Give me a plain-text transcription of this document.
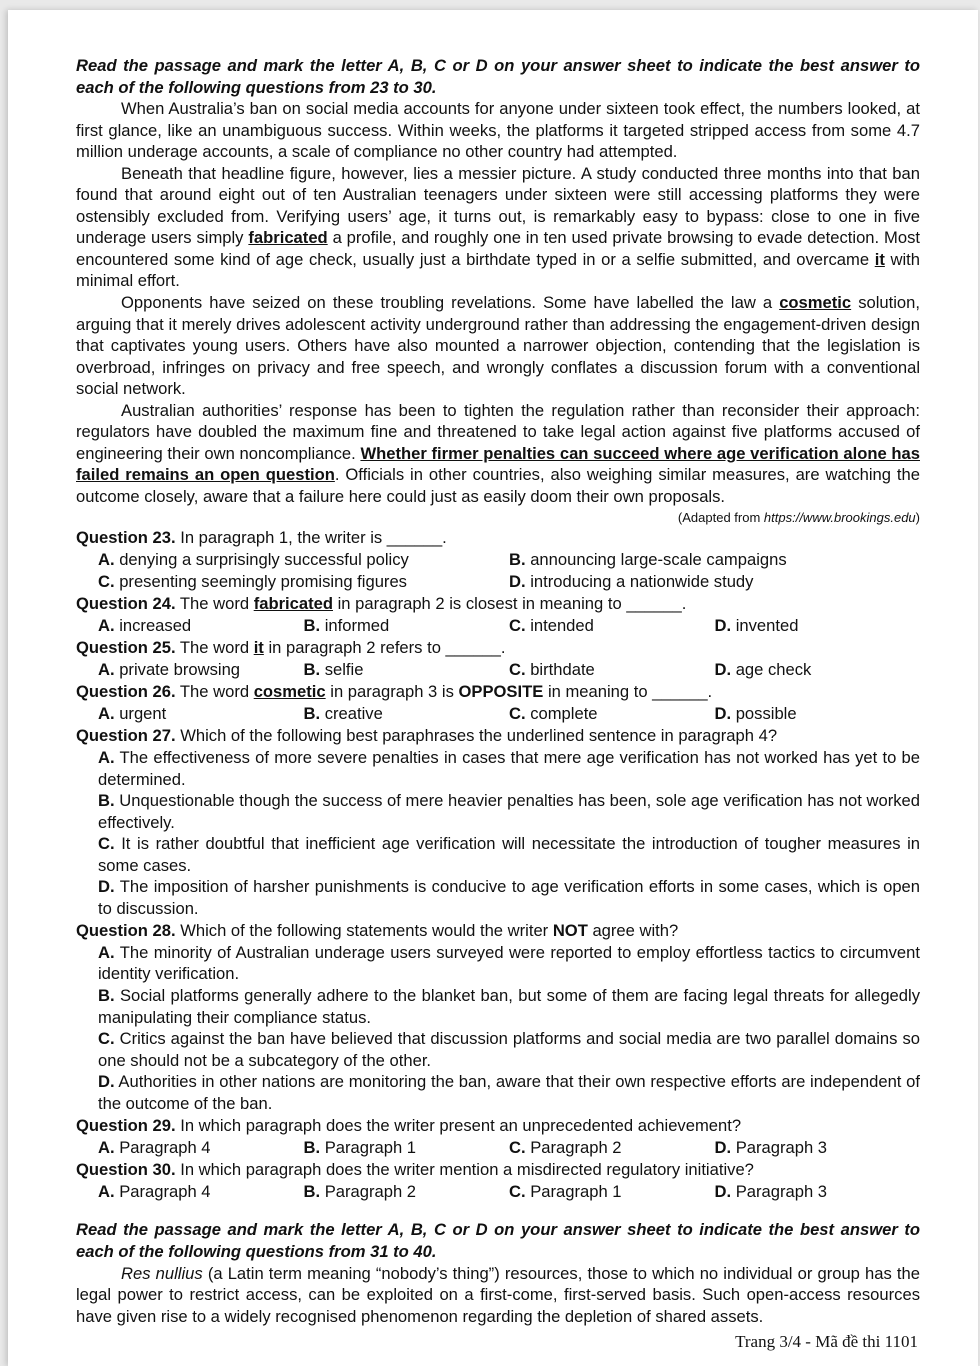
Read the passage and mark the letter A, B, C or D on your answer sheet to indicate the best answer to each of the following questions from 23 to 30.

When Australia’s ban on social media accounts for anyone under sixteen took effect, the numbers looked, at first glance, like an unambiguous success. Within weeks, the platforms it targeted stripped access from some 4.7 million underage accounts, a scale of compliance no other country had attempted.

Beneath that headline figure, however, lies a messier picture. A study conducted three months into that ban found that around eight out of ten Australian teenagers under sixteen were still accessing platforms they were ostensibly excluded from. Verifying users’ age, it turns out, is remarkably easy to bypass: close to one in five underage users simply fabricated a profile, and roughly one in ten used private browsing to evade detection. Most encountered some kind of age check, usually just a birthdate typed in or a selfie submitted, and overcame it with minimal effort.

Opponents have seized on these troubling revelations. Some have labelled the law a cosmetic solution, arguing that it merely drives adolescent activity underground rather than addressing the engagement-driven design that captivates young users. Others have also mounted a narrower objection, contending that the legislation is overbroad, infringes on privacy and free speech, and wrongly conflates a discussion forum with a conventional social network.

Australian authorities’ response has been to tighten the regulation rather than reconsider their approach: regulators have doubled the maximum fine and threatened to take legal action against five platforms accused of engineering their own noncompliance. Whether firmer penalties can succeed where age verification alone has failed remains an open question. Officials in other countries, also weighing similar measures, are watching the outcome closely, aware that a failure here could just as easily doom their own proposals.

(Adapted from https://www.brookings.edu)

Question 23. In paragraph 1, the writer is ______.

A. denying a surprisingly successful policy	B. announcing large-scale campaigns
C. presenting seemingly promising figures	D. introducing a nationwide study

Question 24. The word fabricated in paragraph 2 is closest in meaning to ______.

A. increased	B. informed	C. intended	D. invented

Question 25. The word it in paragraph 2 refers to ______.

A. private browsing	B. selfie	C. birthdate	D. age check

Question 26. The word cosmetic in paragraph 3 is OPPOSITE in meaning to ______.

A. urgent	B. creative	C. complete	D. possible

Question 27. Which of the following best paraphrases the underlined sentence in paragraph 4?

A. The effectiveness of more severe penalties in cases that mere age verification has not worked has yet to be determined.
B. Unquestionable though the success of mere heavier penalties has been, sole age verification has not worked effectively.
C. It is rather doubtful that inefficient age verification will necessitate the introduction of tougher measures in some cases.
D. The imposition of harsher punishments is conducive to age verification efforts in some cases, which is open to discussion.

Question 28. Which of the following statements would the writer NOT agree with?

A. The minority of Australian underage users surveyed were reported to employ effortless tactics to circumvent identity verification.
B. Social platforms generally adhere to the blanket ban, but some of them are facing legal threats for allegedly manipulating their compliance status.
C. Critics against the ban have believed that discussion platforms and social media are two parallel domains so one should not be a subcategory of the other.
D. Authorities in other nations are monitoring the ban, aware that their own respective efforts are independent of the outcome of the ban.

Question 29. In which paragraph does the writer present an unprecedented achievement?

A. Paragraph 4	B. Paragraph 1	C. Paragraph 2	D. Paragraph 3

Question 30. In which paragraph does the writer mention a misdirected regulatory initiative?

A. Paragraph 4	B. Paragraph 2	C. Paragraph 1	D. Paragraph 3

Read the passage and mark the letter A, B, C or D on your answer sheet to indicate the best answer to each of the following questions from 31 to 40.

Res nullius (a Latin term meaning “nobody’s thing”) resources, those to which no individual or group has the legal power to restrict access, can be exploited on a first-come, first-served basis. Such open-access resources have given rise to a widely recognised phenomenon regarding the depletion of shared assets.

Trang 3/4 - Mã đề thi 1101
